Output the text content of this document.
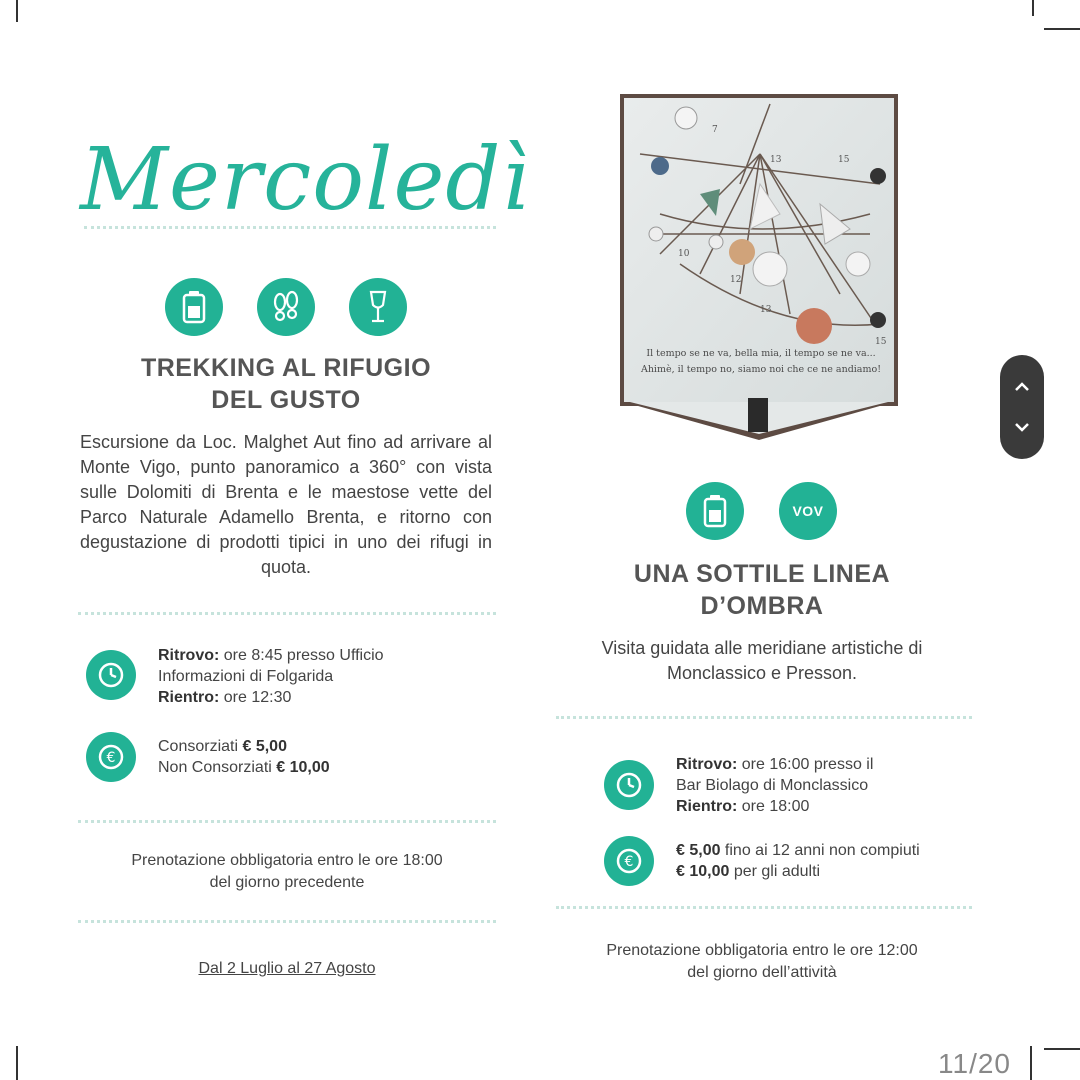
Mercoledì
TREKKING AL RIFUGIO
DEL GUSTO
Escursione da Loc. Malghet Aut fino ad arrivare al Monte Vigo, punto panoramico a 360° con vista sulle Dolomiti di Brenta e le maestose vette del Parco Naturale Adamello Brenta, e ritorno con degustazione di prodotti tipici in uno dei rifugi in quota.
Ritrovo: ore 8:45 presso Ufficio
Informazioni di Folgarida
Rientro: ore 12:30
€
Consorziati € 5,00
Non Consorziati € 10,00
Prenotazione obbligatoria entro le ore 18:00
del giorno precedente
Dal 2 Luglio al 27 Agosto
10
12
13
15
7
13	15
Il tempo se ne va, bella mia, il tempo se ne va...
Ahimè, il tempo no, siamo noi che ce ne andiamo!
VOV
UNA SOTTILE LINEA
D’OMBRA
Visita guidata alle meridiane artistiche di
Monclassico e Presson.
Ritrovo: ore 16:00 presso il
Bar Biolago di Monclassico
Rientro: ore 18:00
€
€ 5,00 fino ai 12 anni non compiuti
€ 10,00 per gli adulti
Prenotazione obbligatoria entro le ore 12:00
del giorno dell’attività
11/20
